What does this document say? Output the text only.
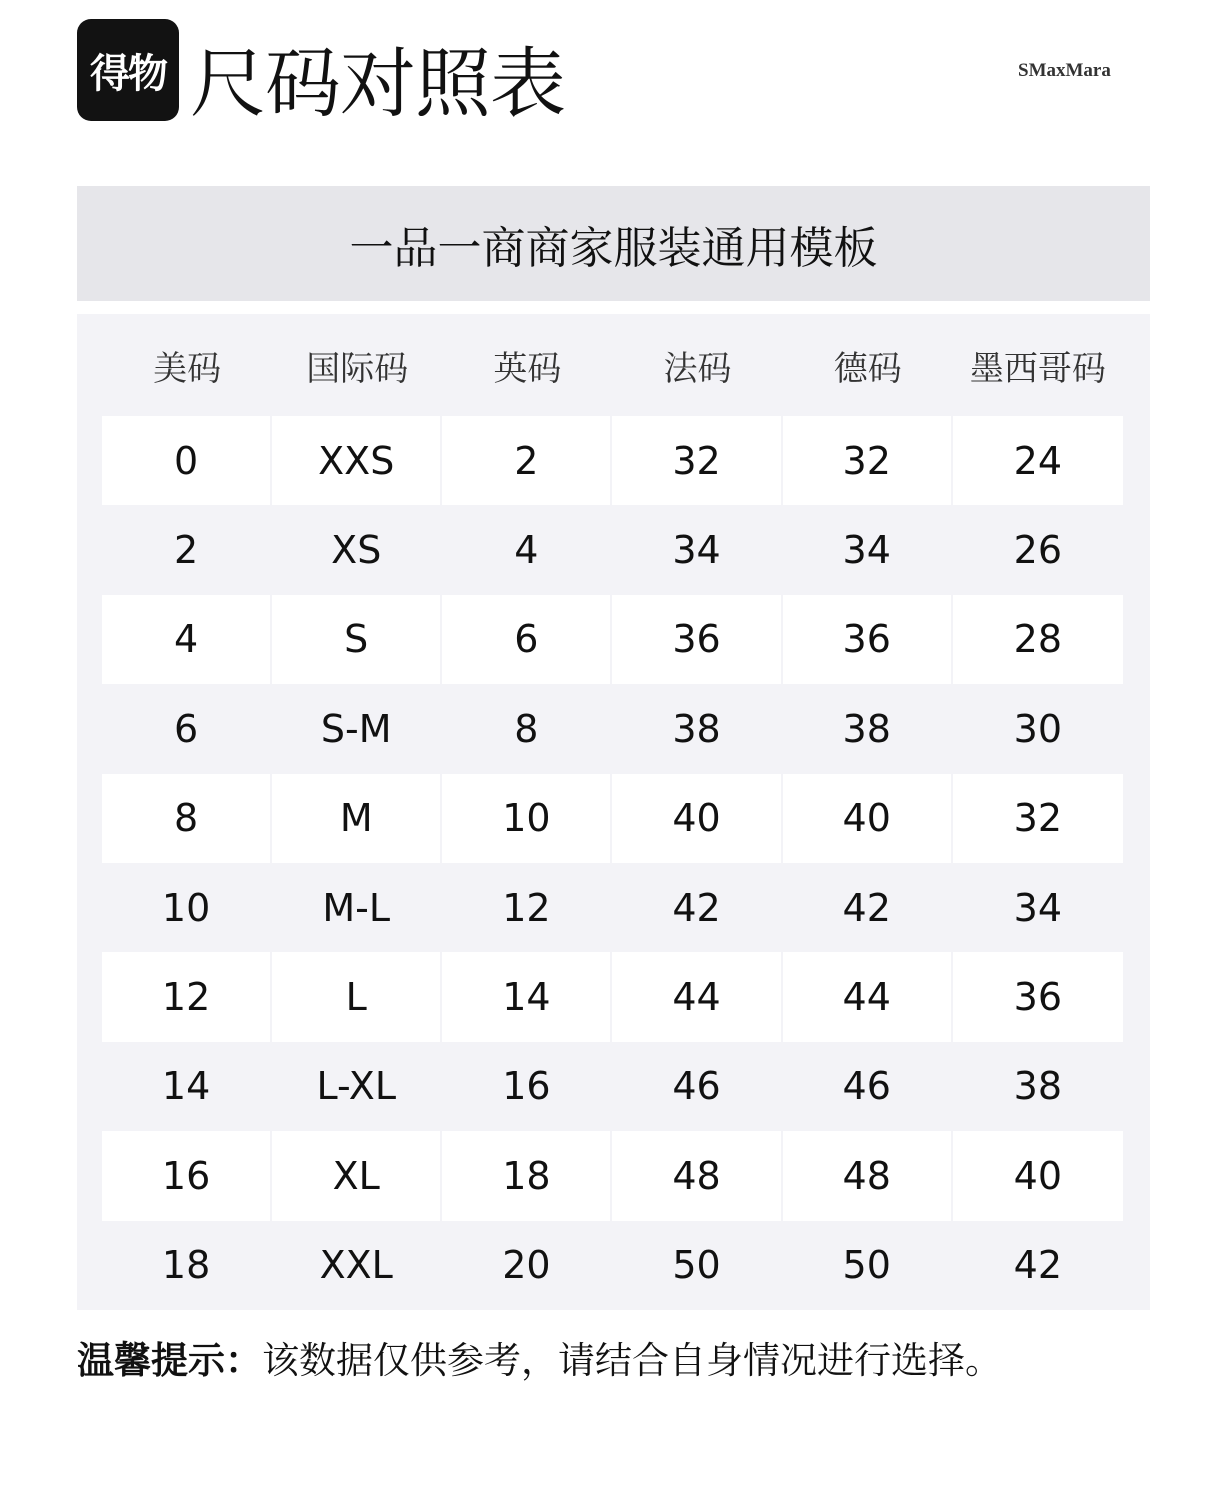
得物 尺码对照表	SMaxMara
一品一商商家服装通用模板
美码	国际码	英码	法码	德码	墨西哥码
0	XXS	2	32	32	24
2	XS	4	34	34	26
4	S	6	36	36	28
6	S-M	8	38	38	30
8	M	10	40	40	32
10	M-L	12	42	42	34
12	L	14	44	44	36
14	L-XL	16	46	46	38
16	XL	18	48	48	40
18	XXL	20	50	50	42
温馨提示：该数据仅供参考，请结合自身情况进行选择。
